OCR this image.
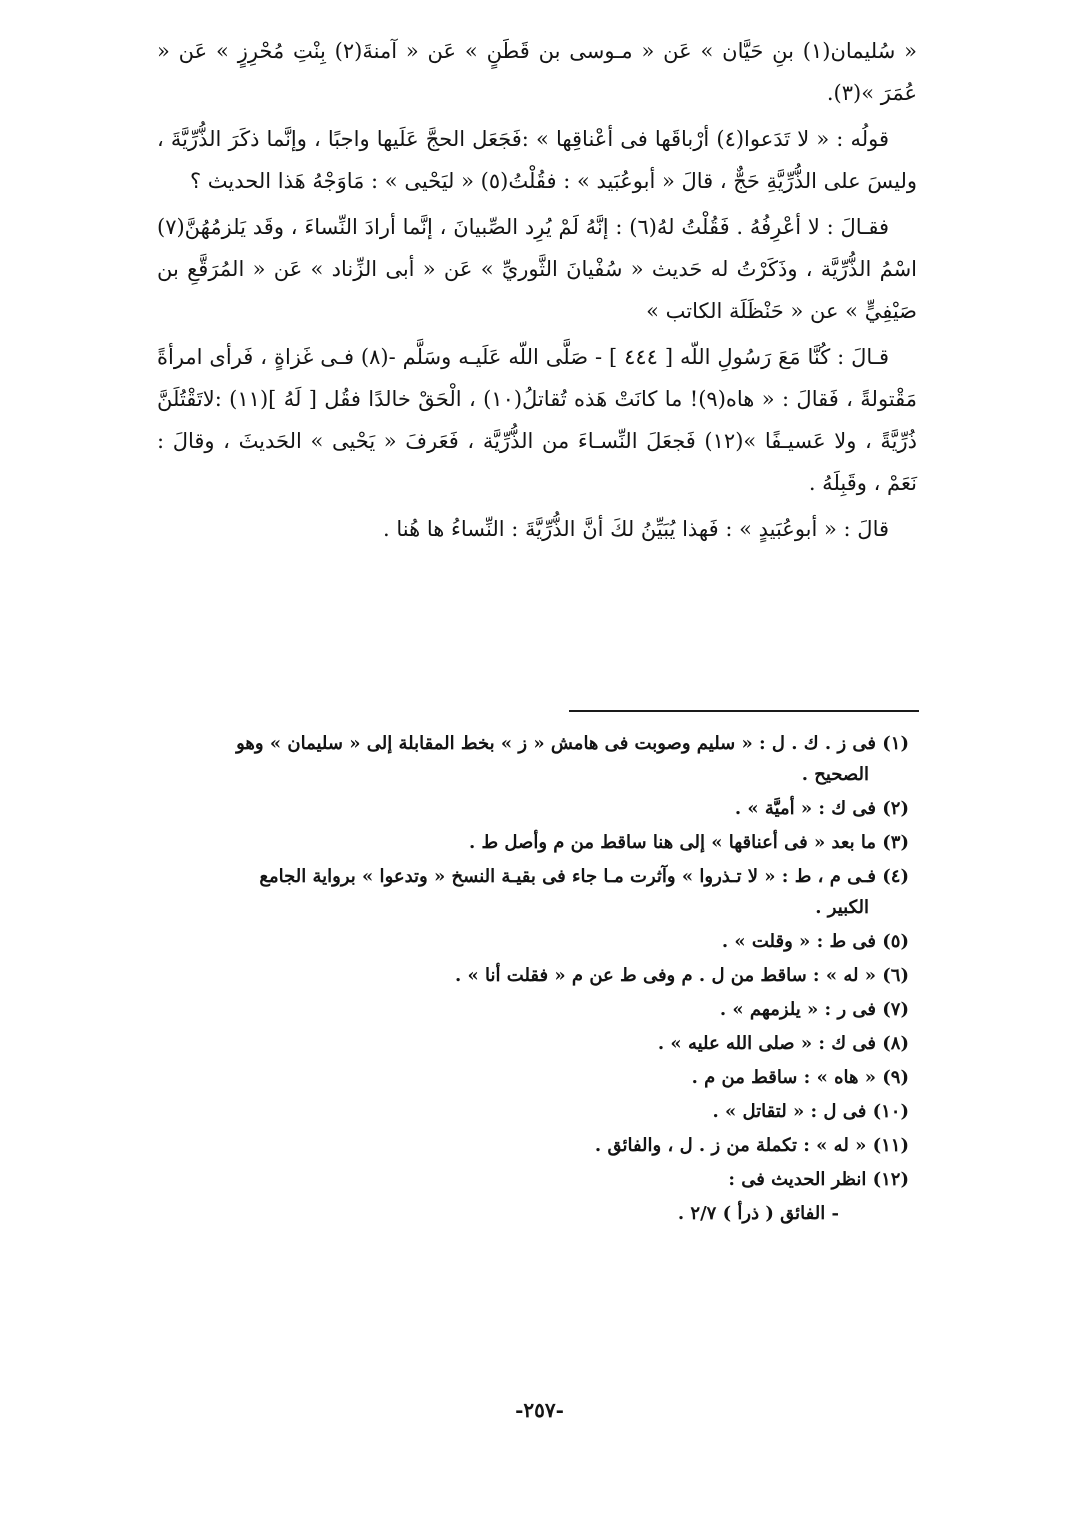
« سُليمان(١) بنِ حَيَّان » عَن « مـوسى بن قَطَنٍ » عَن « آمنةَ(٢) بِنْتِ مُحْرِزٍ » عَن « عُمَرَ »(٣).

قولُه : « لا تَدَعوا(٤) أرْباقَها فى أعْناقِها » :فَجَعَل الحجَّ عَلَيها واجبًا ، وإنَّما ذكَرَ الذُّرِّيَّةَ ، وليسَ على الذُّرِّيَّةِ حَجٌّ ، قالَ « أبوعُبَيد » : فقُلْتُ(٥) « ليَحْيى » : مَاوَجْهُ هَذا الحديث ؟

فقـالَ : لا أعْرِفُهُ . فَقُلْتُ لهُ(٦) : إنَّهُ لَمْ يُرِد الصِّبيانَ ، إنَّما أرادَ النِّساءَ ، وقَد يَلزمُهُنَّ(٧) اسْمُ الذُّرِّيَّة ، وذَكَرْتُ له حَديث « سُفْيانَ الثَّوريِّ » عَن « أبى الزِّناد » عَن « المُرَقَّعِ بن صَيْفِيٍّ » عن « حَنْظَلَة الكاتب »

قـالَ : كُنَّا مَعَ رَسُولِ اللّه [ ٤٤٤ ] - صَلَّى اللّه عَلَيـه وسَلَّم -(٨) فـى غَزاةٍ ، فَرأى امرأةً مَقْتولةً ، فَقالَ : « هاه(٩)! ما كانَتْ هَذه تُقاتلُ(١٠) ، الْحَقْ خالدًا فقُل [ لَهُ ](١١) :لاتَقْتُلَنَّ ذُرِّيَّةً ، ولا عَسيـفًا »(١٢) فَجعَلَ النِّسـاءَ من الذُّرِّيَّة ، فَعَرفَ « يَحْيى » الحَديثَ ، وقالَ : نَعَمْ ، وقَبِلَهُ .

قالَ : « أبوعُبَيدٍ » : فَهذا يُبَيِّنُ لكَ أنَّ الذُّرِّيَّةَ : النِّساءُ ها هُنا .

(١) فى ز . ك . ل : « سليم وصوبت فى هامش « ز » بخط المقابلة إلى « سليمان » وهو

الصحيح .

(٢) فى ك : « أميَّة » .

(٣) ما بعد « فى أعناقها » إلى هنا ساقط من م وأصل ط .

(٤) فـى م ، ط : « لا تـذروا » وآثرت مـا جاء فى بقيـة النسخ « وتدعوا » برواية الجامع

الكبير .

(٥) فى ط : « وقلت » .

(٦) « له » : ساقط من ل . م وفى ط عن م « فقلت أنا » .

(٧) فى ر : « يلزمهم » .

(٨) فى ك : « صلى الله عليه » .

(٩) « هاه » : ساقط من م .

(١٠) فى ل : « لتقاتل » .

(١١) « له » : تكملة من ز . ل ، والفائق .

(١٢) انظر الحديث فى :

- الفائق ( ذرأ ) ٢/٧ .

-٢٥٧-
